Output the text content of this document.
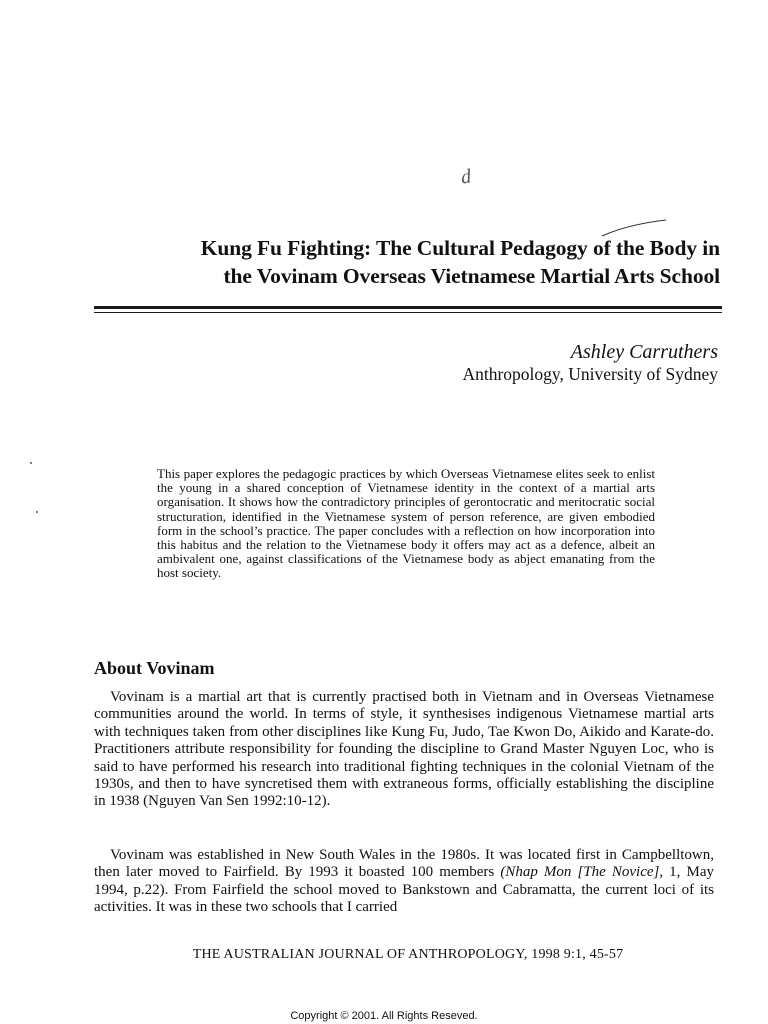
d
Kung Fu Fighting: The Cultural Pedagogy of the Body in
the Vovinam Overseas Vietnamese Martial Arts School
Ashley Carruthers
Anthropology, University of Sydney

This paper explores the pedagogic practices by which Overseas Vietnamese elites seek to enlist the young in a shared conception of Vietnamese identity in the context of a martial arts organisation. It shows how the contradictory principles of gerontocratic and meritocratic social structuration, identified in the Vietnamese system of person reference, are given embodied form in the school’s practice. The paper concludes with a reflection on how incorporation into this habitus and the relation to the Vietnamese body it offers may act as a defence, albeit an ambivalent one, against classifications of the Vietnamese body as abject emanating from the host society.

About Vovinam

Vovinam is a martial art that is currently practised both in Vietnam and in Overseas Vietnamese communities around the world. In terms of style, it synthesises indigenous Vietnamese martial arts with techniques taken from other disciplines like Kung Fu, Judo, Tae Kwon Do, Aikido and Karate-do. Practitioners attribute responsibility for founding the discipline to Grand Master Nguyen Loc, who is said to have performed his research into traditional fighting techniques in the colonial Vietnam of the 1930s, and then to have syncretised them with extraneous forms, officially establishing the discipline in 1938 (Nguyen Van Sen 1992:10-12).

Vovinam was established in New South Wales in the 1980s. It was located first in Campbelltown, then later moved to Fairfield. By 1993 it boasted 100 members (Nhap Mon [The Novice], 1, May 1994, p.22). From Fairfield the school moved to Bankstown and Cabramatta, the current loci of its activities. It was in these two schools that I carried

THE AUSTRALIAN JOURNAL OF ANTHROPOLOGY, 1998 9:1, 45-57
Copyright © 2001. All Rights Reseved.
